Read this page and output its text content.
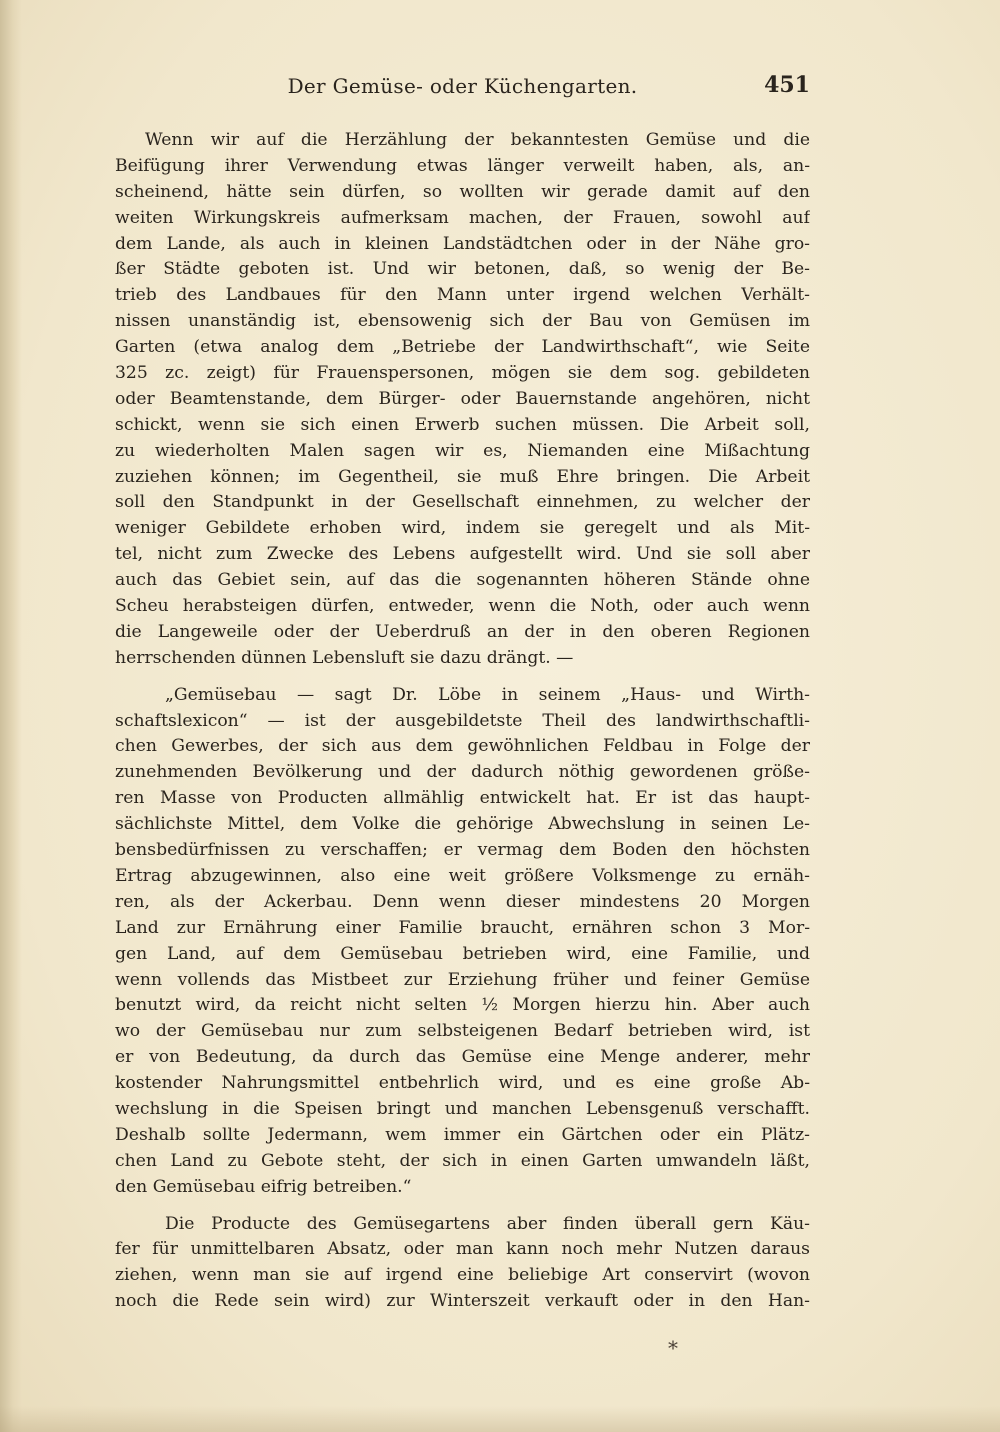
Der Gemüse- oder Küchengarten.	451
Wenn wir auf die Herzählung der bekanntesten Gemüse und die
Beifügung ihrer Verwendung etwas länger verweilt haben, als, an-
scheinend, hätte sein dürfen, so wollten wir gerade damit auf den
weiten Wirkungskreis aufmerksam machen, der Frauen, sowohl auf
dem Lande, als auch in kleinen Landstädtchen oder in der Nähe gro-
ßer Städte geboten ist. Und wir betonen, daß, so wenig der Be-
trieb des Landbaues für den Mann unter irgend welchen Verhält-
nissen unanständig ist, ebensowenig sich der Bau von Gemüsen im
Garten (etwa analog dem „Betriebe der Landwirthschaft“, wie Seite
325 zc. zeigt) für Frauenspersonen, mögen sie dem sog. gebildeten
oder Beamtenstande, dem Bürger- oder Bauernstande angehören, nicht
schickt, wenn sie sich einen Erwerb suchen müssen. Die Arbeit soll,
zu wiederholten Malen sagen wir es, Niemanden eine Mißachtung
zuziehen können; im Gegentheil, sie muß Ehre bringen. Die Arbeit
soll den Standpunkt in der Gesellschaft einnehmen, zu welcher der
weniger Gebildete erhoben wird, indem sie geregelt und als Mit-
tel, nicht zum Zwecke des Lebens aufgestellt wird. Und sie soll aber
auch das Gebiet sein, auf das die sogenannten höheren Stände ohne
Scheu herabsteigen dürfen, entweder, wenn die Noth, oder auch wenn
die Langeweile oder der Ueberdruß an der in den oberen Regionen
herrschenden dünnen Lebensluft sie dazu drängt. —
„Gemüsebau — sagt Dr. Löbe in seinem „Haus- und Wirth-
schaftslexicon“ — ist der ausgebildetste Theil des landwirthschaftli-
chen Gewerbes, der sich aus dem gewöhnlichen Feldbau in Folge der
zunehmenden Bevölkerung und der dadurch nöthig gewordenen größe-
ren Masse von Producten allmählig entwickelt hat. Er ist das haupt-
sächlichste Mittel, dem Volke die gehörige Abwechslung in seinen Le-
bensbedürfnissen zu verschaffen; er vermag dem Boden den höchsten
Ertrag abzugewinnen, also eine weit größere Volksmenge zu ernäh-
ren, als der Ackerbau. Denn wenn dieser mindestens 20 Morgen
Land zur Ernährung einer Familie braucht, ernähren schon 3 Mor-
gen Land, auf dem Gemüsebau betrieben wird, eine Familie, und
wenn vollends das Mistbeet zur Erziehung früher und feiner Gemüse
benutzt wird, da reicht nicht selten ½ Morgen hierzu hin. Aber auch
wo der Gemüsebau nur zum selbsteigenen Bedarf betrieben wird, ist
er von Bedeutung, da durch das Gemüse eine Menge anderer, mehr
kostender Nahrungsmittel entbehrlich wird, und es eine große Ab-
wechslung in die Speisen bringt und manchen Lebensgenuß verschafft.
Deshalb sollte Jedermann, wem immer ein Gärtchen oder ein Plätz-
chen Land zu Gebote steht, der sich in einen Garten umwandeln läßt,
den Gemüsebau eifrig betreiben.“
Die Producte des Gemüsegartens aber finden überall gern Käu-
fer für unmittelbaren Absatz, oder man kann noch mehr Nutzen daraus
ziehen, wenn man sie auf irgend eine beliebige Art conservirt (wovon
noch die Rede sein wird) zur Winterszeit verkauft oder in den Han-
*
